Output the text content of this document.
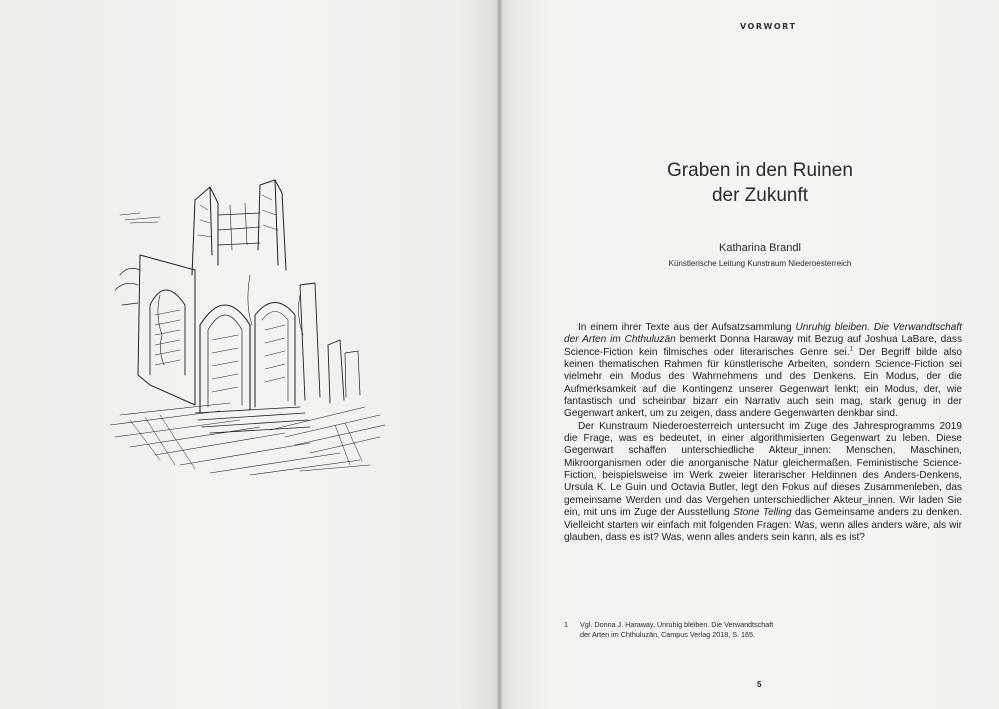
VORWORT
Graben in den Ruinen
der Zukunft
Katharina Brandl
Künstlerische Leitung Kunstraum Niederoesterreich

In einem ihrer Texte aus der Aufsatzsammlung Unruhig bleiben. Die Verwandtschaft der Arten im Chthuluzän bemerkt Donna Haraway mit Bezug auf Joshua LaBare, dass Science-Fiction kein filmisches oder literarisches Genre sei.$^1$ Der Begriff bilde also keinen thematischen Rahmen für künstlerische Arbeiten, sondern Science-Fiction sei vielmehr ein Modus des Wahrnehmens und des Denkens. Ein Modus, der die Aufmerksamkeit auf die Kontingenz unserer Gegenwart lenkt; ein Modus, der, wie fantastisch und scheinbar bizarr ein Narrativ auch sein mag, stark genug in der Gegenwart ankert, um zu zeigen, dass andere Gegenwarten denkbar sind.

Der Kunstraum Niederoesterreich untersucht im Zuge des Jahresprogramms 2019 die Frage, was es bedeutet, in einer algorithmisierten Gegenwart zu leben. Diese Gegenwart schaffen unterschiedliche Akteur_innen: Menschen, Maschinen, Mikroorganismen oder die anorganische Natur gleichermaßen. Feministische Science-Fiction, beispielsweise im Werk zweier literarischer Heldinnen des Anders-Denkens, Ursula K. Le Guin und Octavia Butler, legt den Fokus auf dieses Zusammenleben, das gemeinsame Werden und das Vergehen unterschiedlicher Akteur_innen. Wir laden Sie ein, mit uns im Zuge der Ausstellung Stone Telling das Gemeinsame anders zu denken. Vielleicht starten wir einfach mit folgenden Fragen: Was, wenn alles anders wäre, als wir glauben, dass es ist? Was, wenn alles anders sein kann, als es ist?

1 Vgl. Donna J. Haraway, Unruhig bleiben. Die Verwandtschaft der Arten im Chthuluzän, Campus Verlag 2018, S. 165.
5
